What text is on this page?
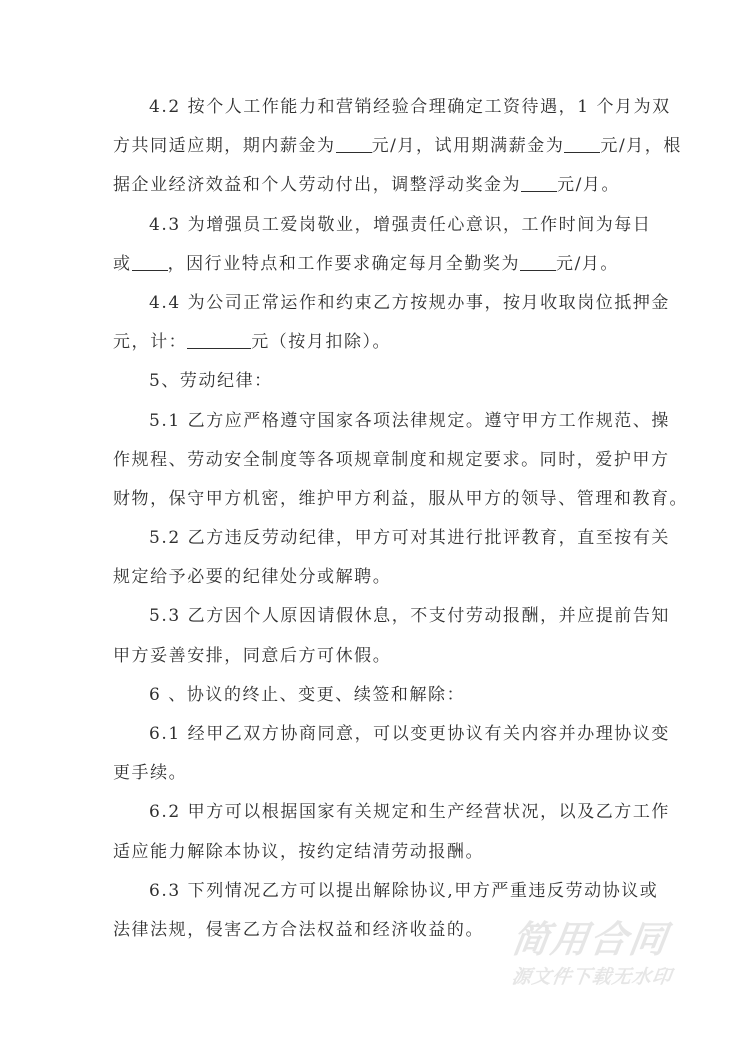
4.2 按个人工作能力和营销经验合理确定工资待遇，1 个月为双
方共同适应期，期内薪金为 元/月，试用期满薪金为 元/月，根
据企业经济效益和个人劳动付出，调整浮动奖金为 元/月。
4.3 为增强员工爱岗敬业，增强责任心意识，工作时间为每日
或 ，因行业特点和工作要求确定每月全勤奖为 元/月。
4.4 为公司正常运作和约束乙方按规办事，按月收取岗位抵押金
元，计：	元（按月扣除）。
5、劳动纪律：
5.1 乙方应严格遵守国家各项法律规定。遵守甲方工作规范、操
作规程、劳动安全制度等各项规章制度和规定要求。同时，爱护甲方
财物，保守甲方机密，维护甲方利益，服从甲方的领导、管理和教育。
5.2 乙方违反劳动纪律，甲方可对其进行批评教育，直至按有关
规定给予必要的纪律处分或解聘。
5.3 乙方因个人原因请假休息，不支付劳动报酬，并应提前告知
甲方妥善安排，同意后方可休假。
6 、协议的终止、变更、续签和解除：
6.1 经甲乙双方协商同意，可以变更协议有关内容并办理协议变
更手续。
6.2 甲方可以根据国家有关规定和生产经营状况，以及乙方工作
适应能力解除本协议，按约定结清劳动报酬。
6.3 下列情况乙方可以提出解除协议,甲方严重违反劳动协议或
法律法规，侵害乙方合法权益和经济收益的。 简用合同
源文件下载无水印
